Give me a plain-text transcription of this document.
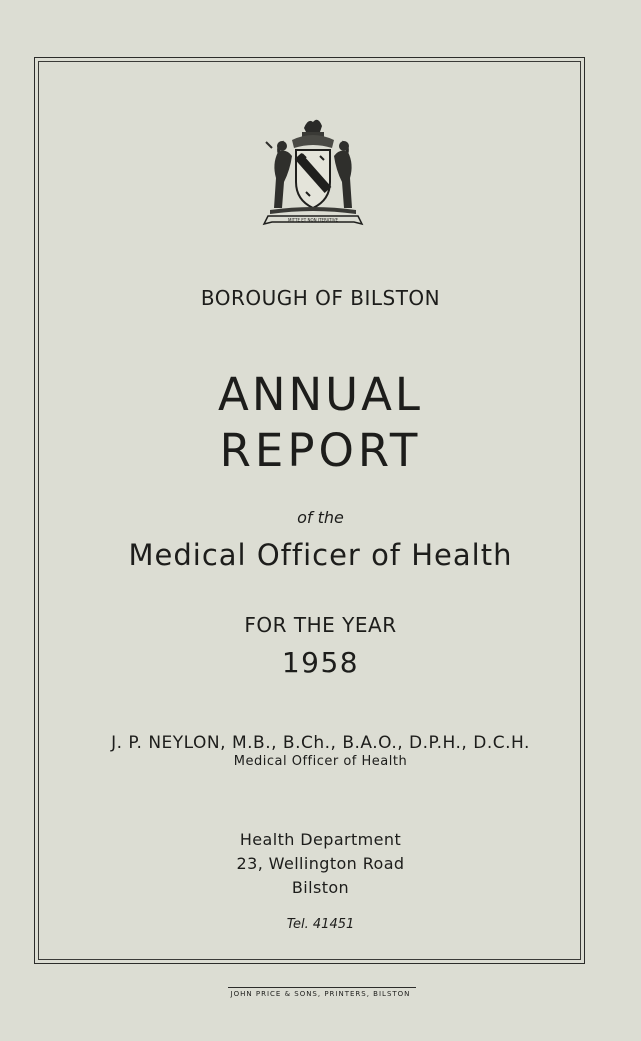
MITTE ET NON ITERATIVE
BOROUGH OF BILSTON
ANNUAL
REPORT
of the
Medical Officer of Health
FOR THE YEAR
1958
J. P. NEYLON, M.B., B.Ch., B.A.O., D.P.H., D.C.H.
Medical Officer of Health
Health Department
23, Wellington Road
Bilston
Tel. 41451
JOHN PRICE & SONS, PRINTERS, BILSTON
